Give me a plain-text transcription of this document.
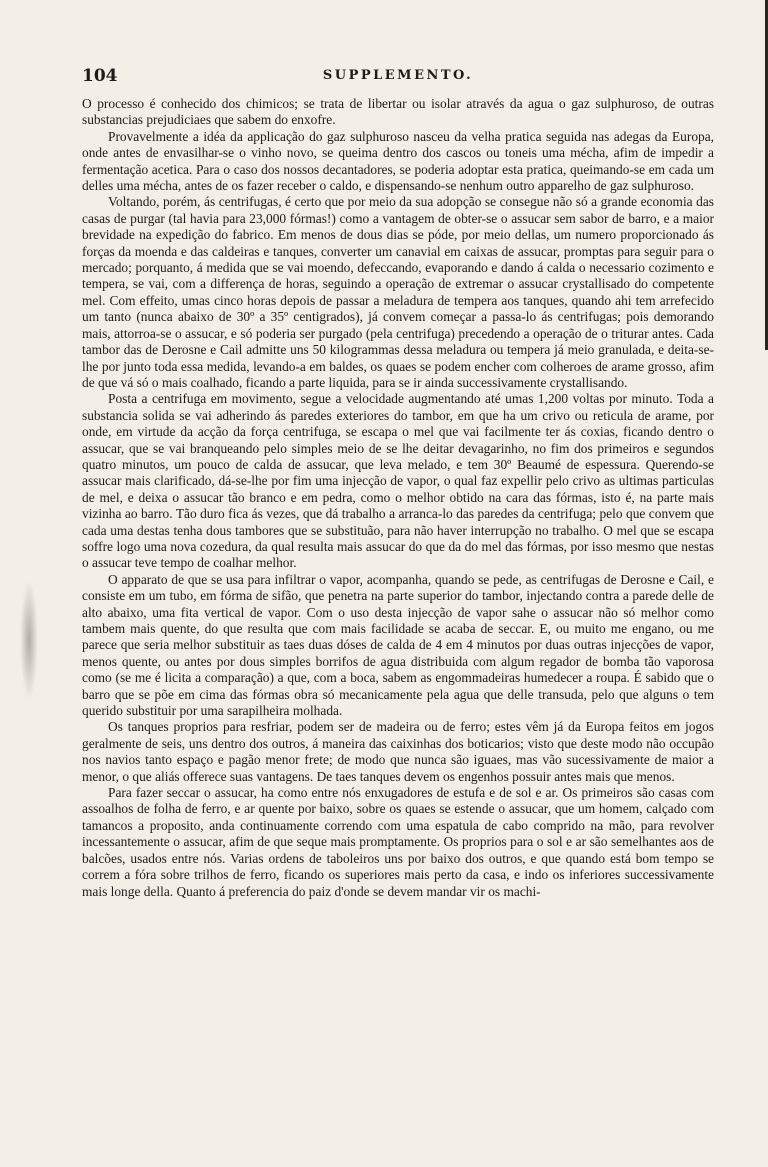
104	SUPPLEMENTO.

O processo é conhecido dos chimicos; se trata de libertar ou isolar através da agua o gaz sulphuroso, de outras substancias prejudiciaes que sabem do enxofre.

Provavelmente a idéa da applicação do gaz sulphuroso nasceu da velha pratica seguida nas adegas da Europa, onde antes de envasilhar-se o vinho novo, se queima dentro dos cascos ou toneis uma mécha, afim de impedir a fermentação acetica. Para o caso dos nossos decantadores, se poderia adoptar esta pratica, queimando-se em cada um delles uma mécha, antes de os fazer receber o caldo, e dispensando-se nenhum outro apparelho de gaz sulphuroso.

Voltando, porém, ás centrifugas, é certo que por meio da sua adopção se consegue não só a grande economia das casas de purgar (tal havia para 23,000 fórmas!) como a vantagem de obter-se o assucar sem sabor de barro, e a maior brevidade na expedição do fabrico. Em menos de dous dias se póde, por meio dellas, um numero proporcionado ás forças da moenda e das caldeiras e tanques, converter um canavial em caixas de assucar, promptas para seguir para o mercado; porquanto, á medida que se vai moendo, defeccando, evaporando e dando á calda o necessario cozimento e tempera, se vai, com a differença de horas, seguindo a operação de extremar o assucar crystallisado do competente mel. Com effeito, umas cinco horas depois de passar a meladura de tempera aos tanques, quando ahi tem arrefecido um tanto (nunca abaixo de 30º a 35º centigrados), já convem começar a passa-lo ás centrifugas; pois demorando mais, attorroa-se o assucar, e só poderia ser purgado (pela centrifuga) precedendo a operação de o triturar antes. Cada tambor das de Derosne e Cail admitte uns 50 kilogrammas dessa meladura ou tempera já meio granulada, e deita-se-lhe por junto toda essa medida, levando-a em baldes, os quaes se podem encher com colheroes de arame grosso, afim de que vá só o mais coalhado, ficando a parte liquida, para se ir ainda successivamente crystallisando.

Posta a centrifuga em movimento, segue a velocidade augmentando até umas 1,200 voltas por minuto. Toda a substancia solida se vai adherindo ás paredes exteriores do tambor, em que ha um crivo ou reticula de arame, por onde, em virtude da acção da força centrifuga, se escapa o mel que vai facilmente ter ás coxias, ficando dentro o assucar, que se vai branqueando pelo simples meio de se lhe deitar devagarinho, no fim dos primeiros e segundos quatro minutos, um pouco de calda de assucar, que leva melado, e tem 30º Beaumé de espessura. Querendo-se assucar mais clarificado, dá-se-lhe por fim uma injecção de vapor, o qual faz expellir pelo crivo as ultimas particulas de mel, e deixa o assucar tão branco e em pedra, como o melhor obtido na cara das fórmas, isto é, na parte mais vizinha ao barro. Tão duro fica ás vezes, que dá trabalho a arranca-lo das paredes da centrifuga; pelo que convem que cada uma destas tenha dous tambores que se substituão, para não haver interrupção no trabalho. O mel que se escapa soffre logo uma nova cozedura, da qual resulta mais assucar do que da do mel das fórmas, por isso mesmo que nestas o assucar teve tempo de coalhar melhor.

O apparato de que se usa para infiltrar o vapor, acompanha, quando se pede, as centrifugas de Derosne e Cail, e consiste em um tubo, em fórma de sifão, que penetra na parte superior do tambor, injectando contra a parede delle de alto abaixo, uma fita vertical de vapor. Com o uso desta injecção de vapor sahe o assucar não só melhor como tambem mais quente, do que resulta que com mais facilidade se acaba de seccar. E, ou muito me engano, ou me parece que seria melhor substituir as taes duas dóses de calda de 4 em 4 minutos por duas outras injecções de vapor, menos quente, ou antes por dous simples borrifos de agua distribuida com algum regador de bomba tão vaporosa como (se me é licita a comparação) a que, com a boca, sabem as engommadeiras humedecer a roupa. É sabido que o barro que se põe em cima das fórmas obra só mecanicamente pela agua que delle transuda, pelo que alguns o tem querido substituir por uma sarapilheira molhada.

Os tanques proprios para resfriar, podem ser de madeira ou de ferro; estes vêm já da Europa feitos em jogos geralmente de seis, uns dentro dos outros, á maneira das caixinhas dos boticarios; visto que deste modo não occupão nos navios tanto espaço e pagão menor frete; de modo que nunca são iguaes, mas vão sucessivamente de maior a menor, o que aliás offerece suas vantagens. De taes tanques devem os engenhos possuir antes mais que menos.

Para fazer seccar o assucar, ha como entre nós enxugadores de estufa e de sol e ar. Os primeiros são casas com assoalhos de folha de ferro, e ar quente por baixo, sobre os quaes se estende o assucar, que um homem, calçado com tamancos a proposito, anda continuamente correndo com uma espatula de cabo comprido na mão, para revolver incessantemente o assucar, afim de que seque mais promptamente. Os proprios para o sol e ar são semelhantes aos de balcões, usados entre nós. Varias ordens de taboleiros uns por baixo dos outros, e que quando está bom tempo se correm a fóra sobre trilhos de ferro, ficando os superiores mais perto da casa, e indo os inferiores successivamente mais longe della. Quanto á preferencia do paiz d'onde se devem mandar vir os machi-
